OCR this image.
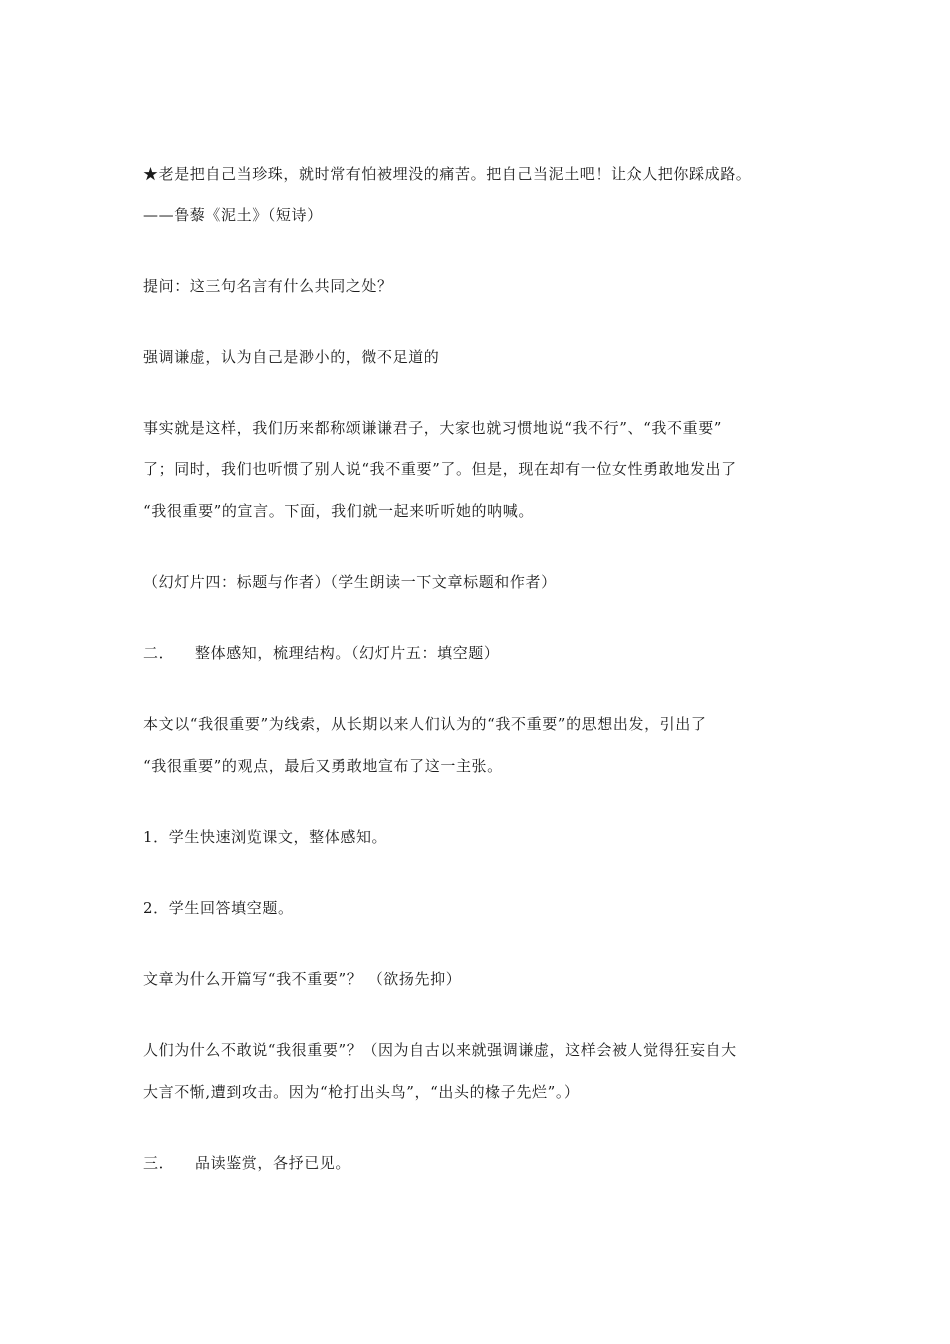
★老是把自己当珍珠，就时常有怕被埋没的痛苦。把自己当泥土吧！让众人把你踩成路。
——鲁藜《泥土》（短诗）
提问：这三句名言有什么共同之处？
强调谦虚，认为自己是渺小的，微不足道的
事实就是这样，我们历来都称颂谦谦君子，大家也就习惯地说“我不行”、“我不重要”
了；同时，我们也听惯了别人说“我不重要”了。但是，现在却有一位女性勇敢地发出了
“我很重要”的宣言。下面，我们就一起来听听她的呐喊。
（幻灯片四：标题与作者）（学生朗读一下文章标题和作者）
二． 整体感知，梳理结构。（幻灯片五：填空题）
本文以“我很重要”为线索，从长期以来人们认为的“我不重要”的思想出发，引出了
“我很重要”的观点，最后又勇敢地宣布了这一主张。
1．学生快速浏览课文，整体感知。
2．学生回答填空题。
文章为什么开篇写“我不重要”？ （欲扬先抑）
人们为什么不敢说“我很重要”？（因为自古以来就强调谦虚，这样会被人觉得狂妄自大
大言不惭,遭到攻击。因为“枪打出头鸟”，“出头的椽子先烂”。）
三． 品读鉴赏，各抒已见。
